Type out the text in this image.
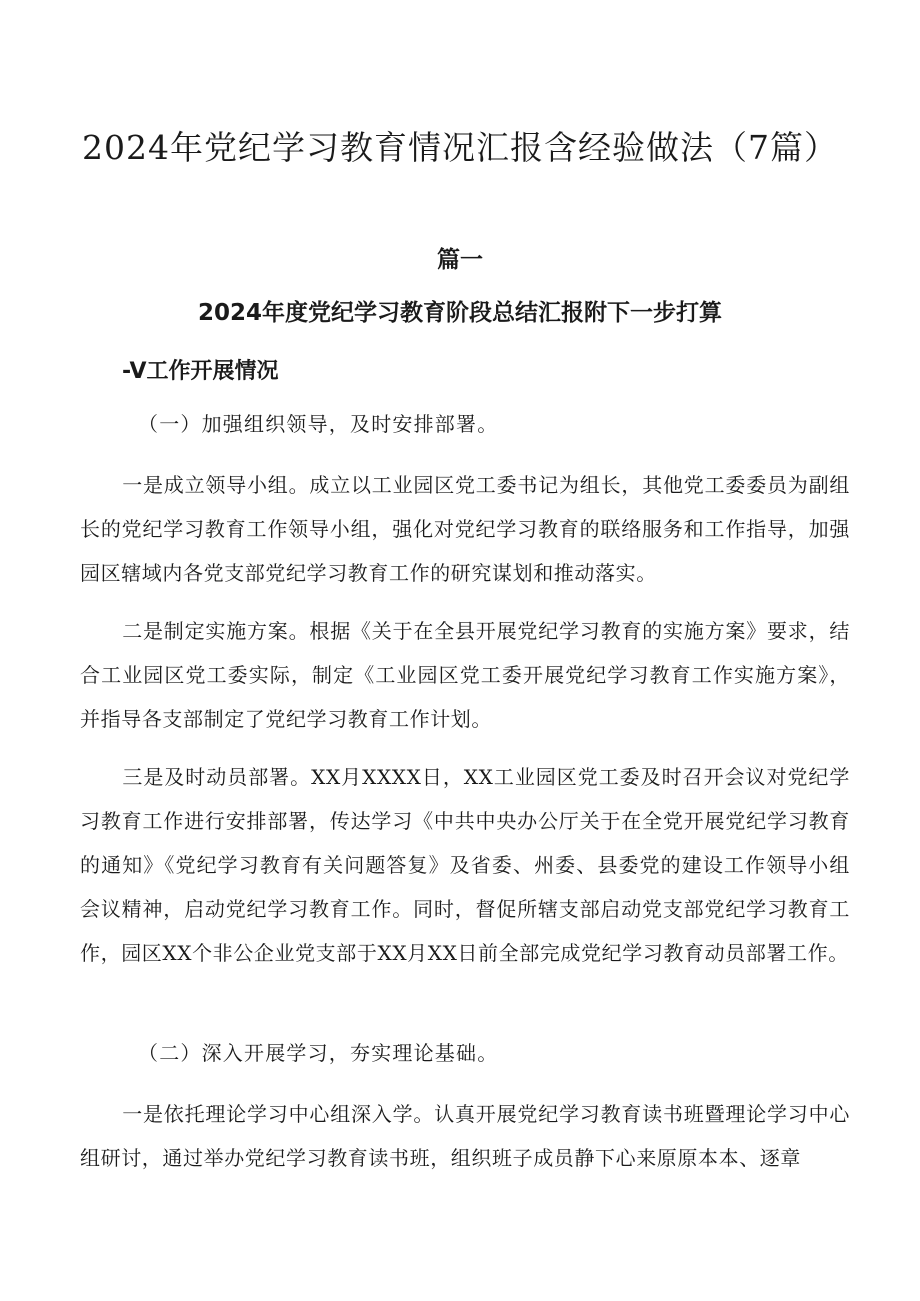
2024年党纪学习教育情况汇报含经验做法（7篇）
篇一
2024年度党纪学习教育阶段总结汇报附下一步打算
-V工作开展情况

（一）加强组织领导，及时安排部署。

一是成立领导小组。成立以工业园区党工委书记为组长，其他党工委委员为副组长的党纪学习教育工作领导小组，强化对党纪学习教育的联络服务和工作指导，加强园区辖域内各党支部党纪学习教育工作的研究谋划和推动落实。

二是制定实施方案。根据《关于在全县开展党纪学习教育的实施方案》要求，结合工业园区党工委实际，制定《工业园区党工委开展党纪学习教育工作实施方案》，并指导各支部制定了党纪学习教育工作计划。

三是及时动员部署。XX月XXXX日，XX工业园区党工委及时召开会议对党纪学习教育工作进行安排部署，传达学习《中共中央办公厅关于在全党开展党纪学习教育的通知》《党纪学习教育有关问题答复》及省委、州委、县委党的建设工作领导小组会议精神，启动党纪学习教育工作。同时，督促所辖支部启动党支部党纪学习教育工作，园区XX个非公企业党支部于XX月XX日前全部完成党纪学习教育动员部署工作。

（二）深入开展学习，夯实理论基础。

一是依托理论学习中心组深入学。认真开展党纪学习教育读书班暨理论学习中心组研讨，通过举办党纪学习教育读书班，组织班子成员静下心来原原本本、逐章
